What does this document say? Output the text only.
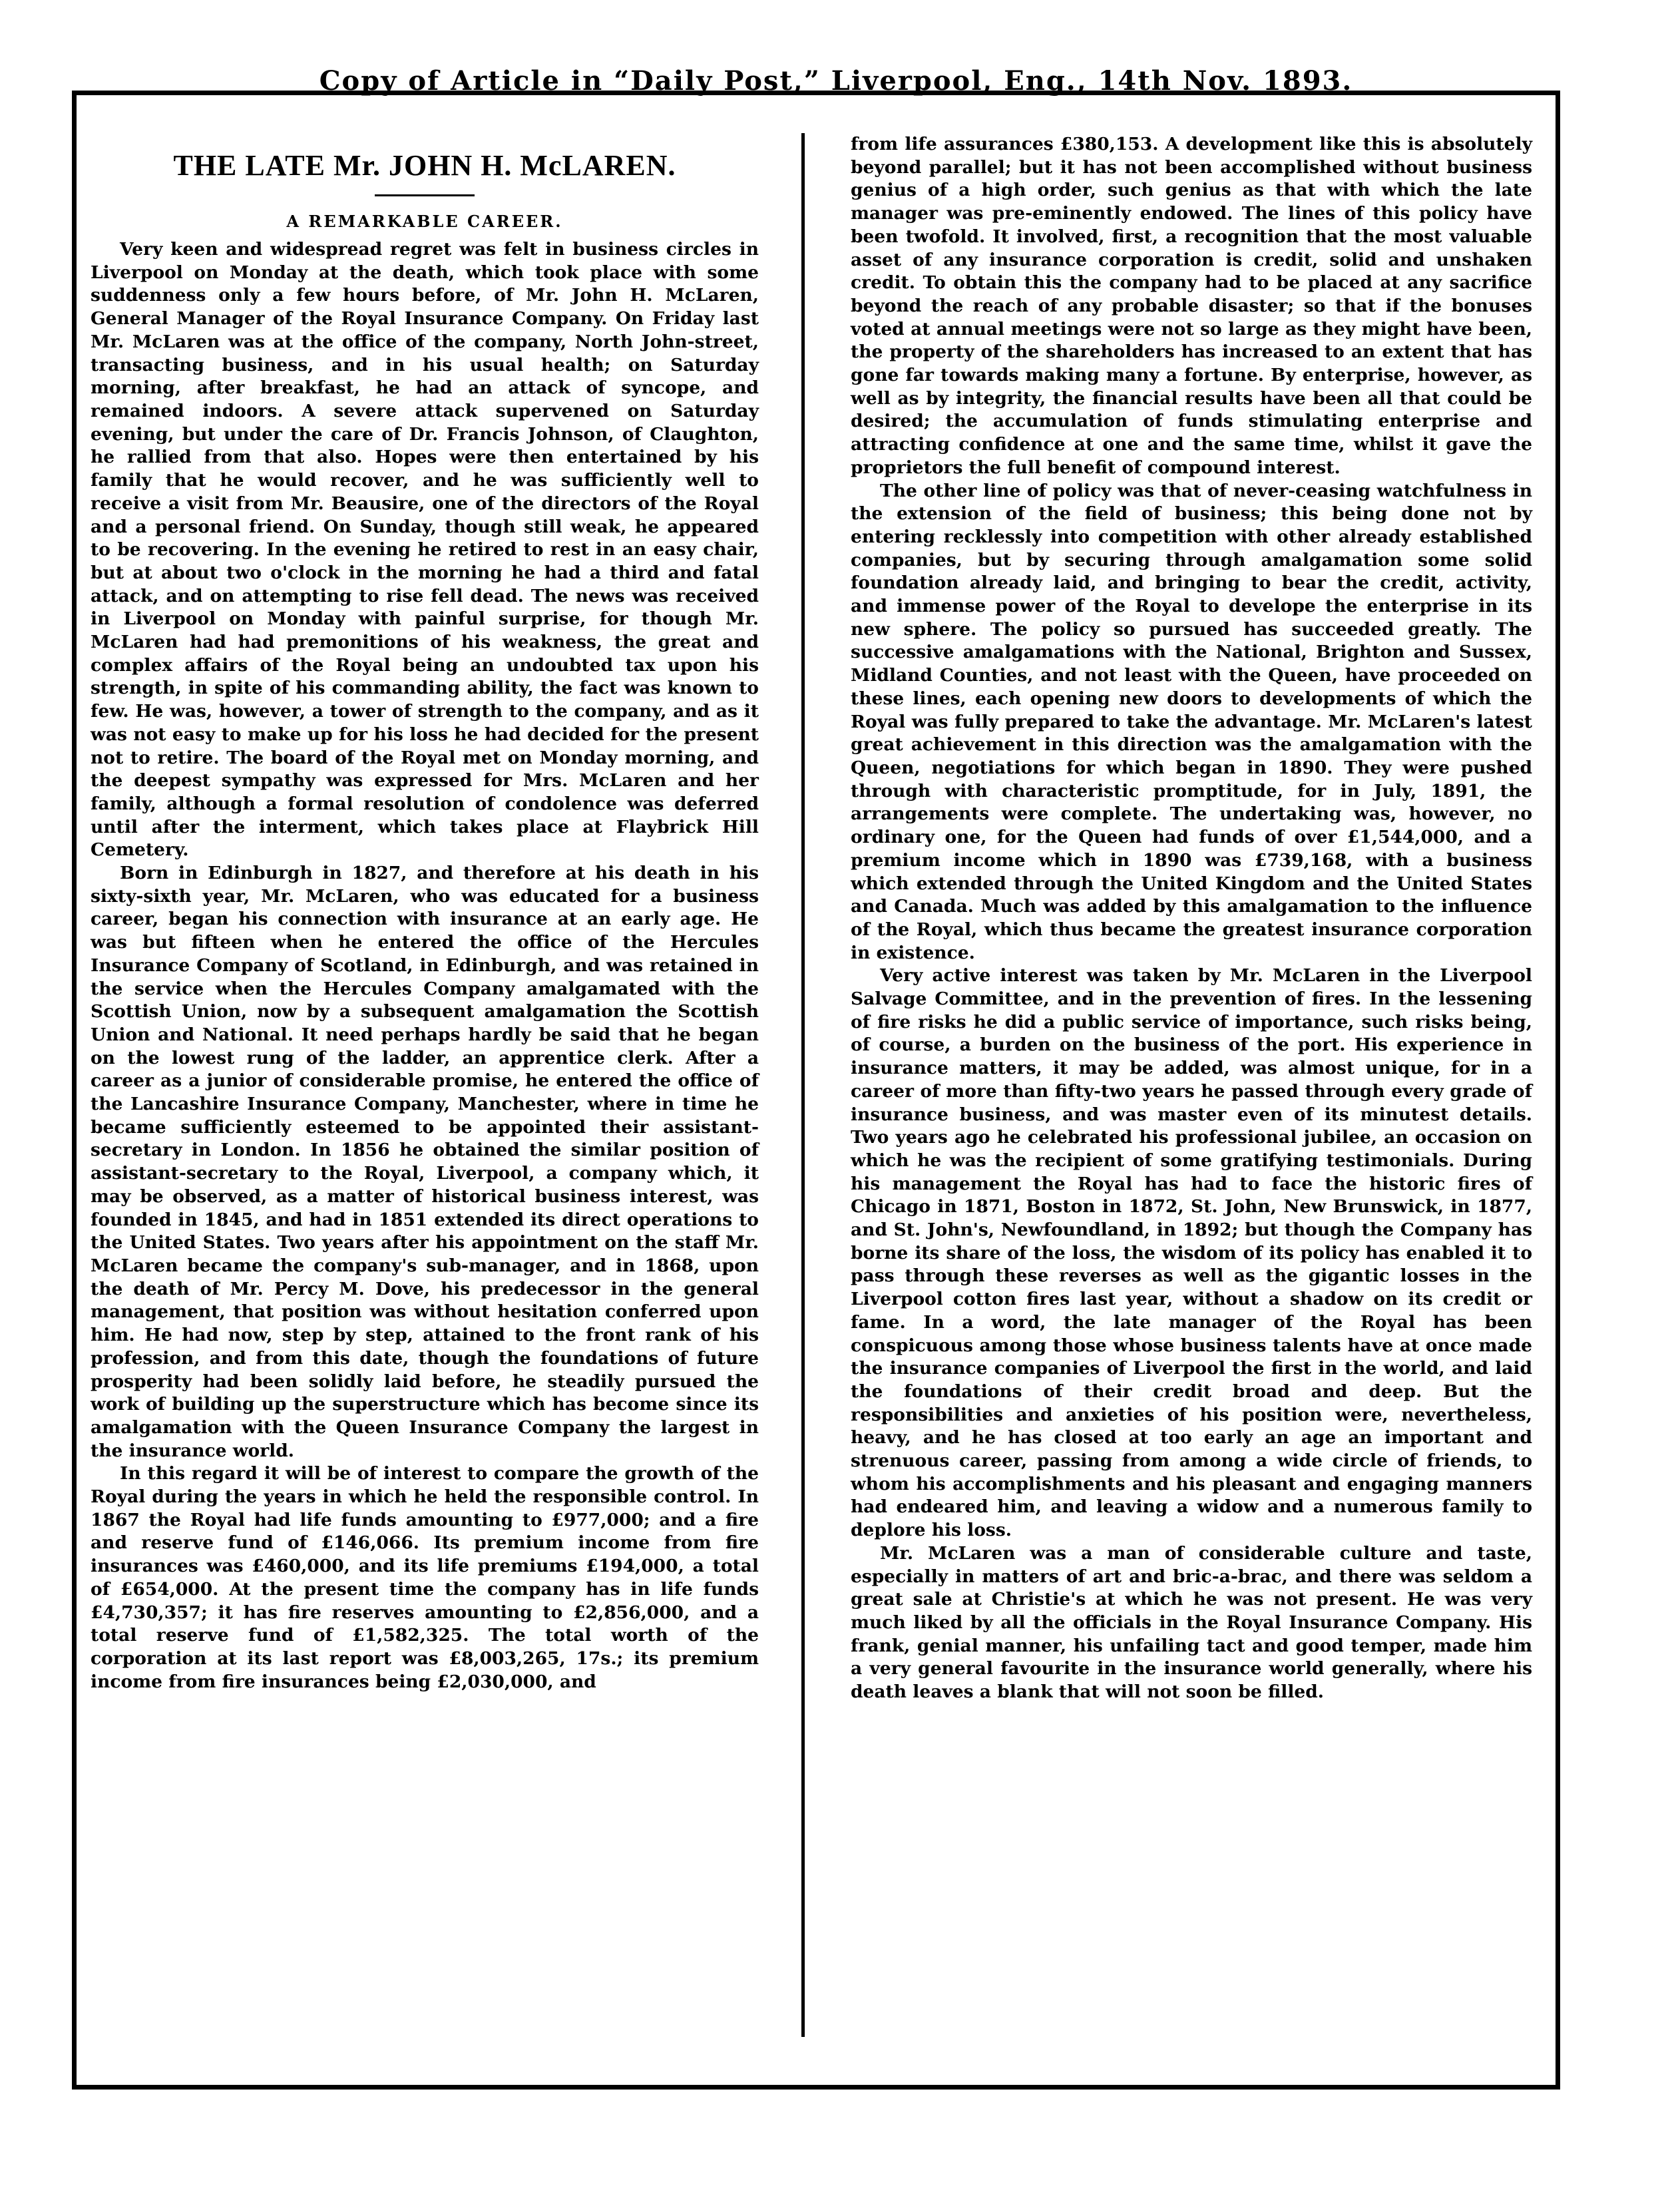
Copy of Article in “Daily Post,” Liverpool, Eng., 14th Nov. 1893.
THE LATE Mr. JOHN H. McLAREN.
A REMARKABLE CAREER.

Very keen and widespread regret was felt in business circles in Liverpool on Monday at the death, which took place with some suddenness only a few hours before, of Mr. John H. McLaren, General Manager of the Royal Insurance Company. On Friday last Mr. McLaren was at the office of the company, North John-street, transacting business, and in his usual health; on Saturday morning, after breakfast, he had an attack of syncope, and remained indoors. A severe attack supervened on Saturday evening, but under the care of Dr. Francis Johnson, of Claughton, he rallied from that also. Hopes were then entertained by his family that he would recover, and he was sufficiently well to receive a visit from Mr. Beausire, one of the directors of the Royal and a personal friend. On Sunday, though still weak, he appeared to be recovering. In the evening he retired to rest in an easy chair, but at about two o'clock in the morning he had a third and fatal attack, and on attempting to rise fell dead. The news was received in Liverpool on Monday with painful surprise, for though Mr. McLaren had had premonitions of his weakness, the great and complex affairs of the Royal being an undoubted tax upon his strength, in spite of his commanding ability, the fact was known to few. He was, however, a tower of strength to the company, and as it was not easy to make up for his loss he had decided for the present not to retire. The board of the Royal met on Monday morning, and the deepest sympathy was expressed for Mrs. McLaren and her family, although a formal resolution of condolence was deferred until after the interment, which takes place at Flaybrick Hill Cemetery.

Born in Edinburgh in 1827, and therefore at his death in his sixty-sixth year, Mr. McLaren, who was educated for a business career, began his connection with insurance at an early age. He was but fifteen when he entered the office of the Hercules Insurance Company of Scotland, in Edinburgh, and was retained in the service when the Hercules Company amalgamated with the Scottish Union, now by a subsequent amalgamation the Scottish Union and National. It need perhaps hardly be said that he began on the lowest rung of the ladder, an apprentice clerk. After a career as a junior of considerable promise, he entered the office of the Lancashire Insurance Company, Manchester, where in time he became sufficiently esteemed to be appointed their assistant-secretary in London. In 1856 he obtained the similar position of assistant-secretary to the Royal, Liverpool, a company which, it may be observed, as a matter of historical business interest, was founded in 1845, and had in 1851 extended its direct operations to the United States. Two years after his appointment on the staff Mr. McLaren became the company's sub-manager, and in 1868, upon the death of Mr. Percy M. Dove, his predecessor in the general management, that position was without hesitation conferred upon him. He had now, step by step, attained to the front rank of his profession, and from this date, though the foundations of future prosperity had been solidly laid before, he steadily pursued the work of building up the superstructure which has become since its amalgamation with the Queen Insurance Company the largest in the insurance world.

In this regard it will be of interest to compare the growth of the Royal during the years in which he held the responsible control. In 1867 the Royal had life funds amounting to £977,000; and a fire and reserve fund of £146,066. Its premium income from fire insurances was £460,000, and its life premiums £194,000, a total of £654,000. At the present time the company has in life funds £4,730,357; it has fire reserves amounting to £2,856,000, and a total reserve fund of £1,582,325. The total worth of the corporation at its last report was £8,003,265, 17s.; its premium income from fire insurances being £2,030,000, and

from life assurances £380,153. A development like this is absolutely beyond parallel; but it has not been accomplished without business genius of a high order, such genius as that with which the late manager was pre-eminently endowed. The lines of this policy have been twofold. It involved, first, a recognition that the most valuable asset of any insurance corporation is credit, solid and unshaken credit. To obtain this the company had to be placed at any sacrifice beyond the reach of any probable disaster; so that if the bonuses voted at annual meetings were not so large as they might have been, the property of the shareholders has increased to an extent that has gone far towards making many a fortune. By enterprise, however, as well as by integrity, the financial results have been all that could be desired; the accumulation of funds stimulating enterprise and attracting confidence at one and the same time, whilst it gave the proprietors the full benefit of compound interest.

The other line of policy was that of never-ceasing watchfulness in the extension of the field of business; this being done not by entering recklessly into competition with other already established companies, but by securing through amalgamation some solid foundation already laid, and bringing to bear the credit, activity, and immense power of the Royal to develope the enterprise in its new sphere. The policy so pursued has succeeded greatly. The successive amalgamations with the National, Brighton and Sussex, Midland Counties, and not least with the Queen, have proceeded on these lines, each opening new doors to developments of which the Royal was fully prepared to take the advantage. Mr. McLaren's latest great achievement in this direction was the amalgamation with the Queen, negotiations for which began in 1890. They were pushed through with characteristic promptitude, for in July, 1891, the arrangements were complete. The undertaking was, however, no ordinary one, for the Queen had funds of over £1,544,000, and a premium income which in 1890 was £739,168, with a business which extended through the United Kingdom and the United States and Canada. Much was added by this amalgamation to the influence of the Royal, which thus became the greatest insurance corporation in existence.

Very active interest was taken by Mr. McLaren in the Liverpool Salvage Committee, and in the prevention of fires. In the lessening of fire risks he did a public service of importance, such risks being, of course, a burden on the business of the port. His experience in insurance matters, it may be added, was almost unique, for in a career of more than fifty-two years he passed through every grade of insurance business, and was master even of its minutest details. Two years ago he celebrated his professional jubilee, an occasion on which he was the recipient of some gratifying testimonials. During his management the Royal has had to face the historic fires of Chicago in 1871, Boston in 1872, St. John, New Brunswick, in 1877, and St. John's, Newfoundland, in 1892; but though the Company has borne its share of the loss, the wisdom of its policy has enabled it to pass through these reverses as well as the gigantic losses in the Liverpool cotton fires last year, without a shadow on its credit or fame. In a word, the late manager of the Royal has been conspicuous among those whose business talents have at once made the insurance companies of Liverpool the first in the world, and laid the foundations of their credit broad and deep. But the responsibilities and anxieties of his position were, nevertheless, heavy, and he has closed at too early an age an important and strenuous career, passing from among a wide circle of friends, to whom his accomplishments and his pleasant and engaging manners had endeared him, and leaving a widow and a numerous family to deplore his loss.

Mr. McLaren was a man of considerable culture and taste, especially in matters of art and bric-a-brac, and there was seldom a great sale at Christie's at which he was not present. He was very much liked by all the officials in the Royal Insurance Company. His frank, genial manner, his unfailing tact and good temper, made him a very general favourite in the insurance world generally, where his death leaves a blank that will not soon be filled.
